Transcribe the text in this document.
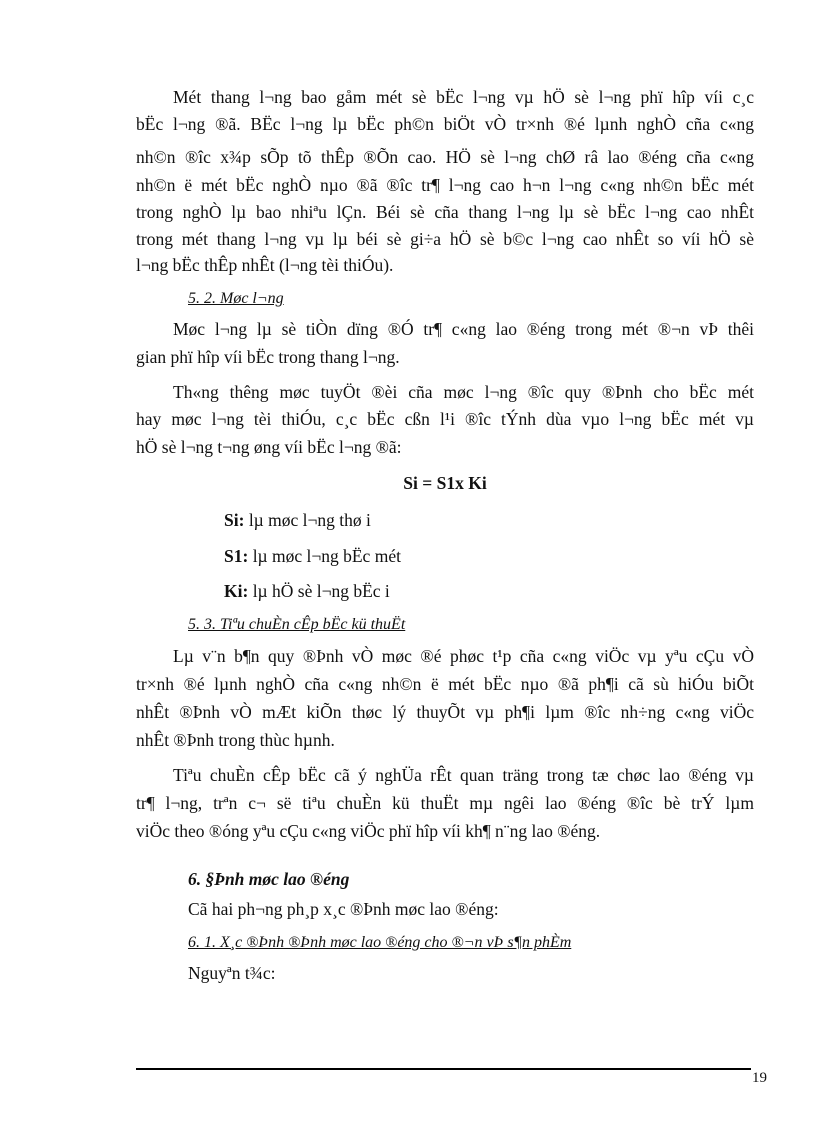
Mét thang l¬ng bao gåm mét sè bËc l¬ng vµ hÖ sè l¬ng phï hîp víi c¸c
bËc l¬ng ®ã. BËc l¬ng lµ bËc ph©n biÖt vÒ tr×nh ®é lµnh nghÒ cña c«ng
nh©n ®îc x¾p sÕp tõ thÊp ®Õn cao. HÖ sè l¬ng chØ râ lao ®éng cña c«ng
nh©n ë mét bËc nghÒ nµo ®ã ®îc tr¶ l¬ng cao h¬n l¬ng c«ng nh©n bËc mét
trong nghÒ lµ bao nhiªu lÇn. Béi sè cña thang l¬ng lµ sè bËc l¬ng cao nhÊt
trong mét thang l¬ng vµ lµ béi sè gi÷a hÖ sè b©c l¬ng cao nhÊt so víi hÖ sè
l¬ng bËc thÊp nhÊt (l¬ng tèi thiÓu).
5. 2. Møc l¬ng
Møc l¬ng lµ sè tiÒn dïng ®Ó tr¶ c«ng lao ®éng trong mét ®¬n vÞ thêi
gian phï hîp víi bËc trong thang l¬ng.
Th«ng thêng møc tuyÖt ®èi cña møc l¬ng ®îc quy ®Þnh cho bËc mét
hay møc l¬ng tèi thiÓu, c¸c bËc cßn l¹i ®îc tÝnh dùa vµo l¬ng bËc mét vµ
hÖ sè l¬ng t¬ng øng víi bËc l¬ng ®ã:
Si = S1x Ki
Si: lµ møc l¬ng thø i
S1: lµ møc l¬ng bËc mét
Ki: lµ hÖ sè l¬ng bËc i
5. 3. Tiªu chuÈn cÊp bËc kü thuËt
Lµ v¨n b¶n quy ®Þnh vÒ møc ®é phøc t¹p cña c«ng viÖc vµ yªu cÇu vÒ
tr×nh ®é lµnh nghÒ cña c«ng nh©n ë mét bËc nµo ®ã ph¶i cã sù hiÓu biÕt
nhÊt ®Þnh vÒ mÆt kiÕn thøc lý thuyÕt vµ ph¶i lµm ®îc nh÷ng c«ng viÖc
nhÊt ®Þnh trong thùc hµnh.
Tiªu chuÈn cÊp bËc cã ý nghÜa rÊt quan träng trong tæ chøc lao ®éng vµ
tr¶ l¬ng, trªn c¬ së tiªu chuÈn kü thuËt mµ ngêi lao ®éng ®îc bè trÝ lµm
viÖc theo ®óng yªu cÇu c«ng viÖc phï hîp víi kh¶ n¨ng lao ®éng.
6. §Þnh møc lao ®éng
Cã hai ph¬ng ph¸p x¸c ®Þnh møc lao ®éng:
6. 1. X¸c ®Þnh ®Þnh møc lao ®éng cho ®¬n vÞ s¶n phÈm
Nguyªn t¾c:
19
